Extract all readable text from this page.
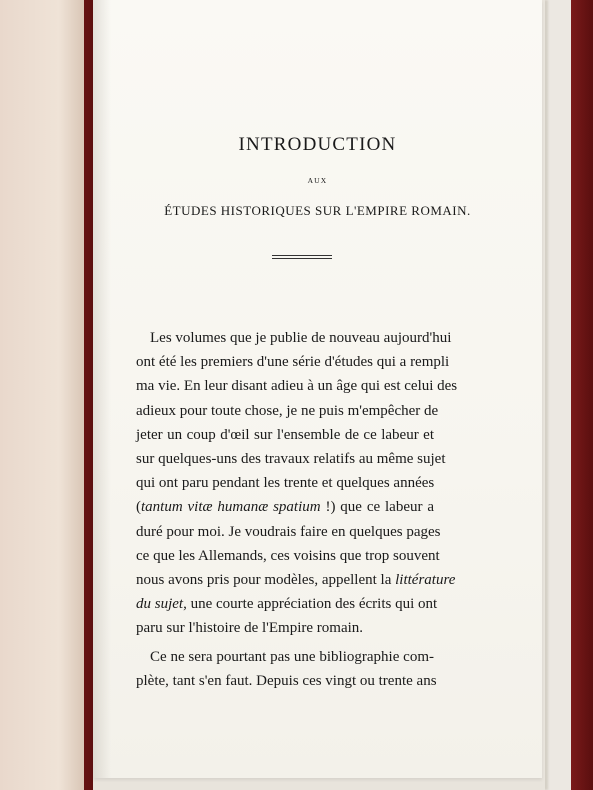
INTRODUCTION
AUX
ÉTUDES HISTORIQUES SUR L'EMPIRE ROMAIN.
Les volumes que je publie de nouveau aujourd'hui
ont été les premiers d'une série d'études qui a rempli
ma vie. En leur disant adieu à un âge qui est celui des
adieux pour toute chose, je ne puis m'empêcher de
jeter un coup d'œil sur l'ensemble de ce labeur et
sur quelques-uns des travaux relatifs au même sujet
qui ont paru pendant les trente et quelques années
(tantum vitæ humanæ spatium !) que ce labeur a
duré pour moi. Je voudrais faire en quelques pages
ce que les Allemands, ces voisins que trop souvent
nous avons pris pour modèles, appellent la littérature
du sujet, une courte appréciation des écrits qui ont
paru sur l'histoire de l'Empire romain.
Ce ne sera pourtant pas une bibliographie com-
plète, tant s'en faut. Depuis ces vingt ou trente ans
